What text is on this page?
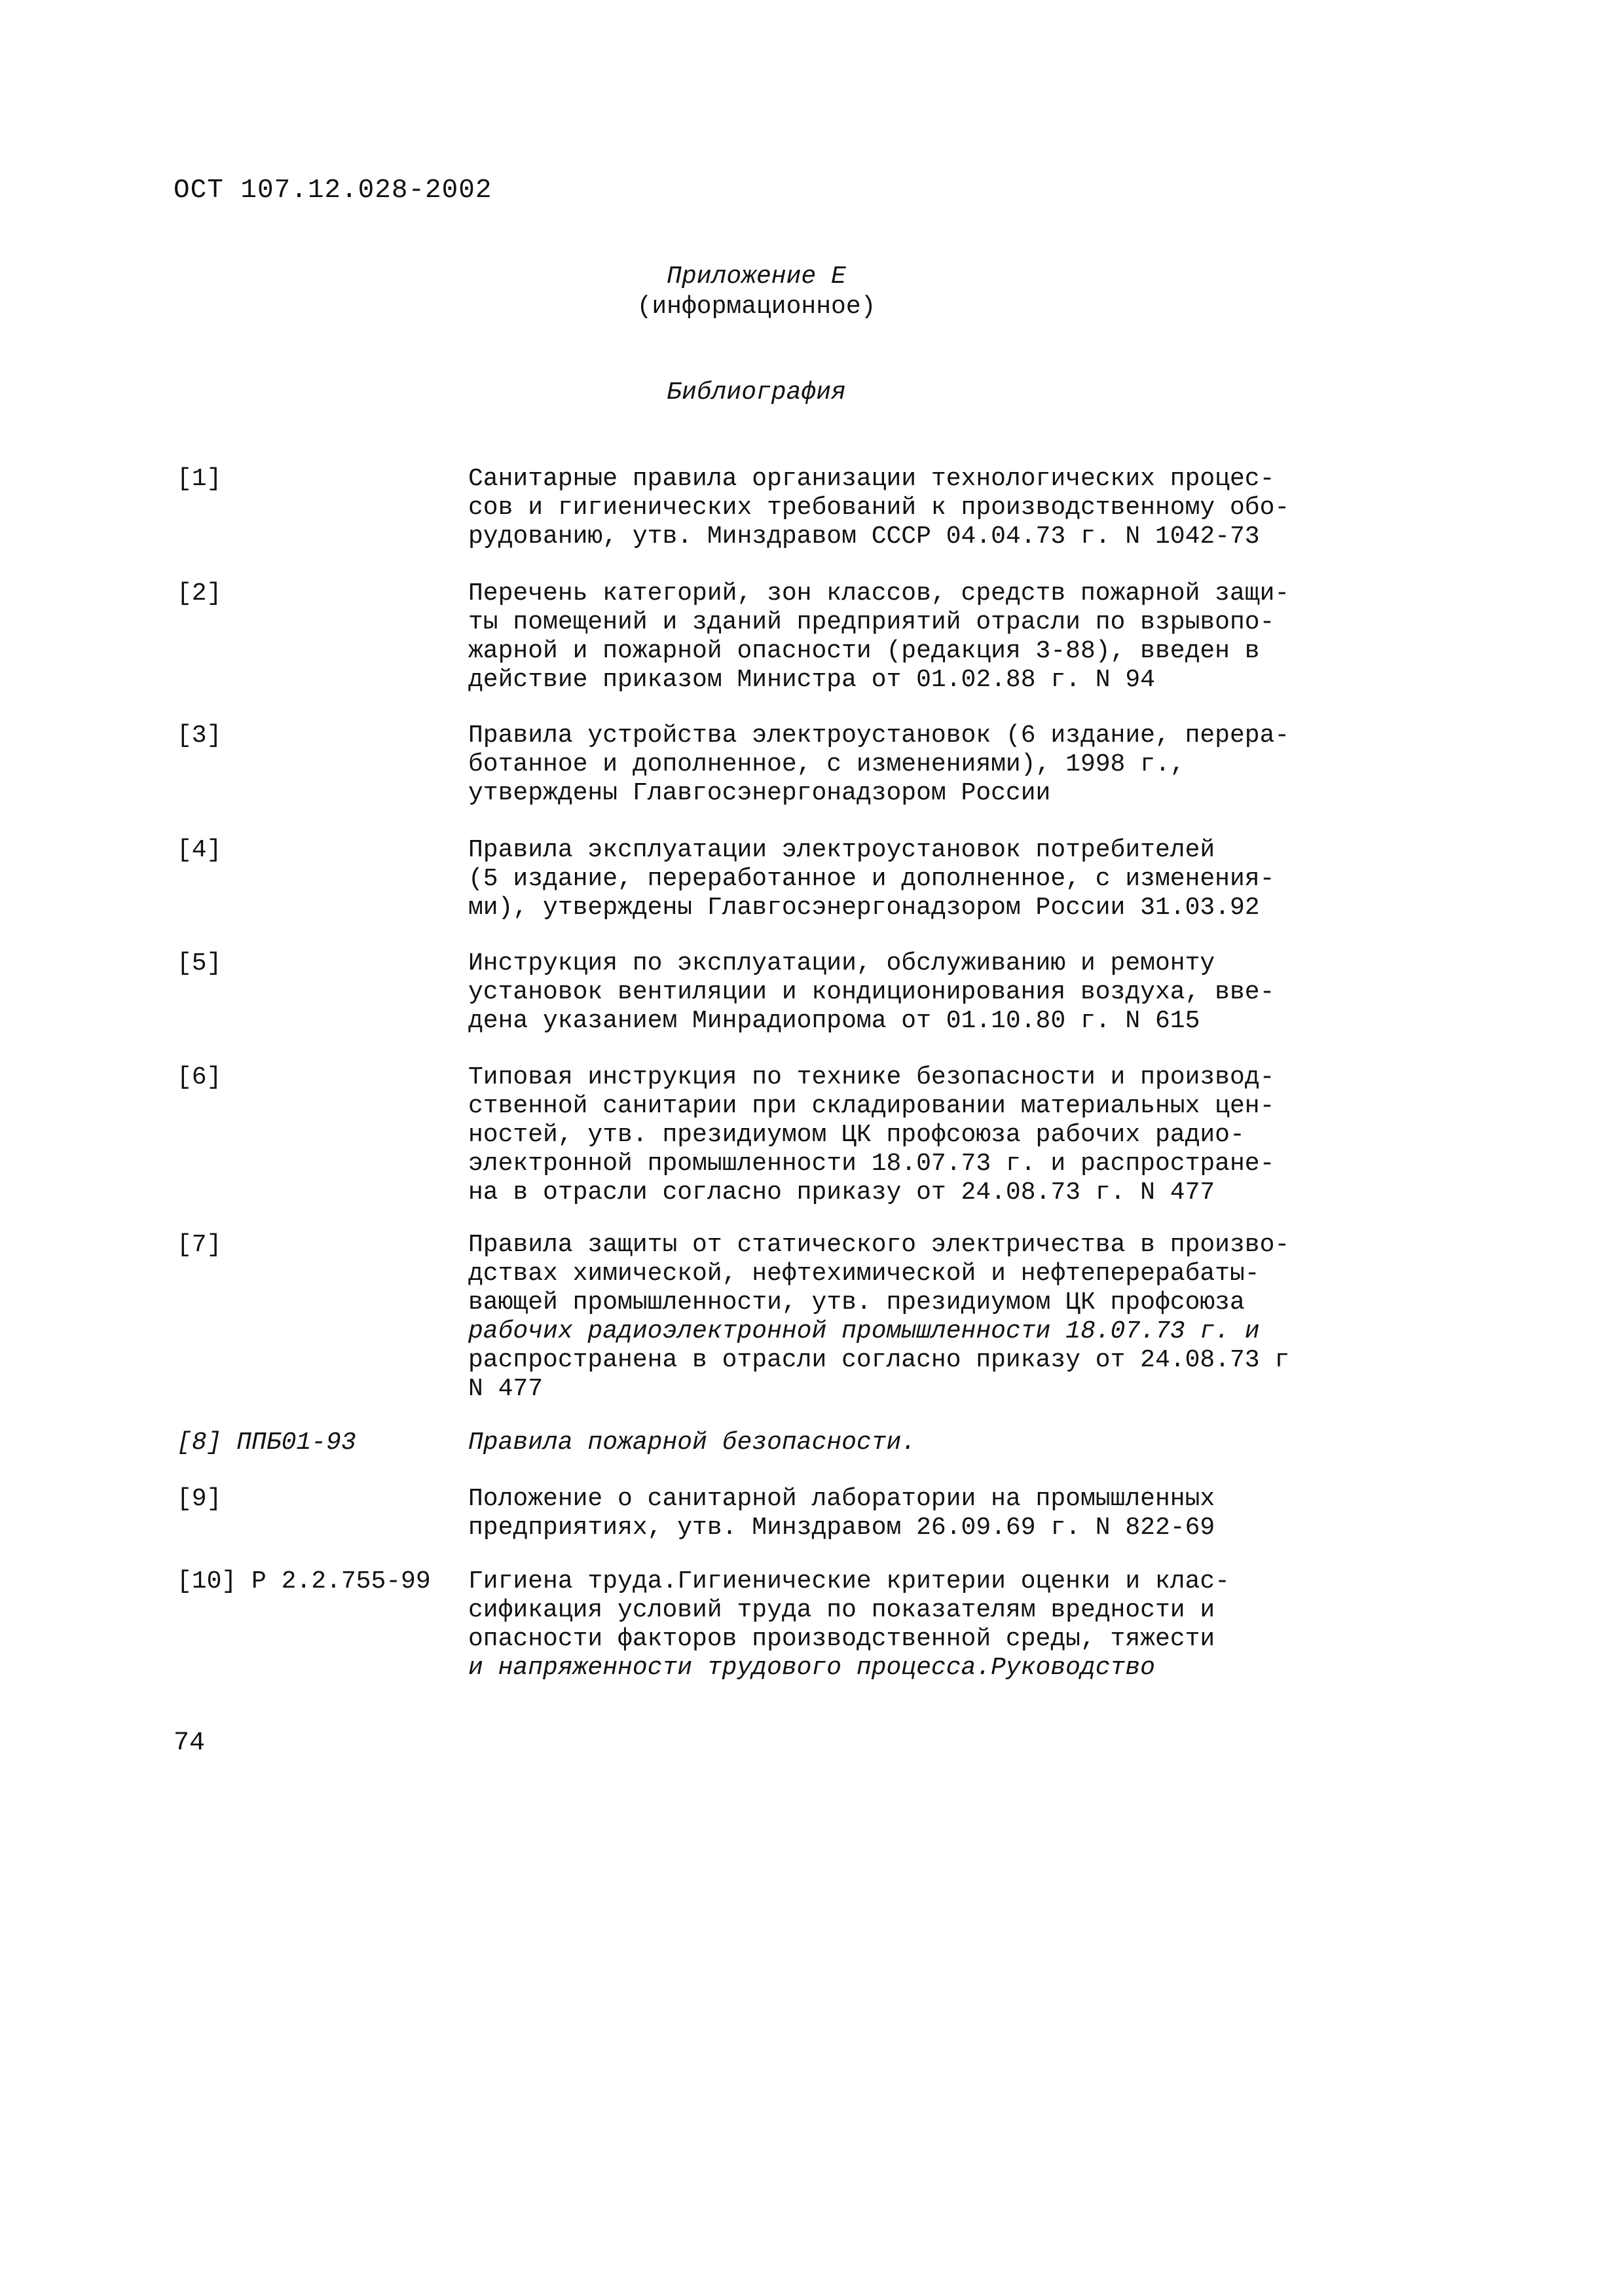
ОСТ 107.12.028-2002
Приложение Е
(информационное)
Библиография
[1]	Санитарные правила организации технологических процес-
сов и гигиенических требований к производственному обо-
рудованию, утв. Минздравом СССР 04.04.73 г. N 1042-73
[2]	Перечень категорий, зон классов, средств пожарной защи-
ты помещений и зданий предприятий отрасли по взрывопо-
жарной и пожарной опасности (редакция 3-88), введен в
действие приказом Министра от 01.02.88 г. N 94
[3]	Правила устройства электроустановок (6 издание, перера-
ботанное и дополненное, с изменениями), 1998 г.,
утверждены Главгосэнергонадзором России
[4]	Правила эксплуатации электроустановок потребителей
(5 издание, переработанное и дополненное, с изменения-
ми), утверждены Главгосэнергонадзором России 31.03.92
[5]	Инструкция по эксплуатации, обслуживанию и ремонту
установок вентиляции и кондиционирования воздуха, вве-
дена указанием Минрадиопрома от 01.10.80 г. N 615
[6]	Типовая инструкция по технике безопасности и производ-
ственной санитарии при складировании материальных цен-
ностей, утв. президиумом ЦК профсоюза рабочих радио-
электронной промышленности 18.07.73 г. и распростране-
на в отрасли согласно приказу от 24.08.73 г. N 477
[7]	Правила защиты от статического электричества в произво-
дствах химической, нефтехимической и нефтеперерабаты-
вающей промышленности, утв. президиумом ЦК профсоюза
рабочих радиоэлектронной промышленности 18.07.73 г. и
распространена в отрасли согласно приказу от 24.08.73 г
N 477
[8] ППБ01-93	Правила пожарной безопасности.
[9]	Положение о санитарной лаборатории на промышленных
предприятиях, утв. Минздравом 26.09.69 г. N 822-69
[10] Р 2.2.755-99 Гигиена труда.Гигиенические критерии оценки и клас-
сификация условий труда по показателям вредности и
опасности факторов производственной среды, тяжести
и напряженности трудового процесса.Руководство
74
